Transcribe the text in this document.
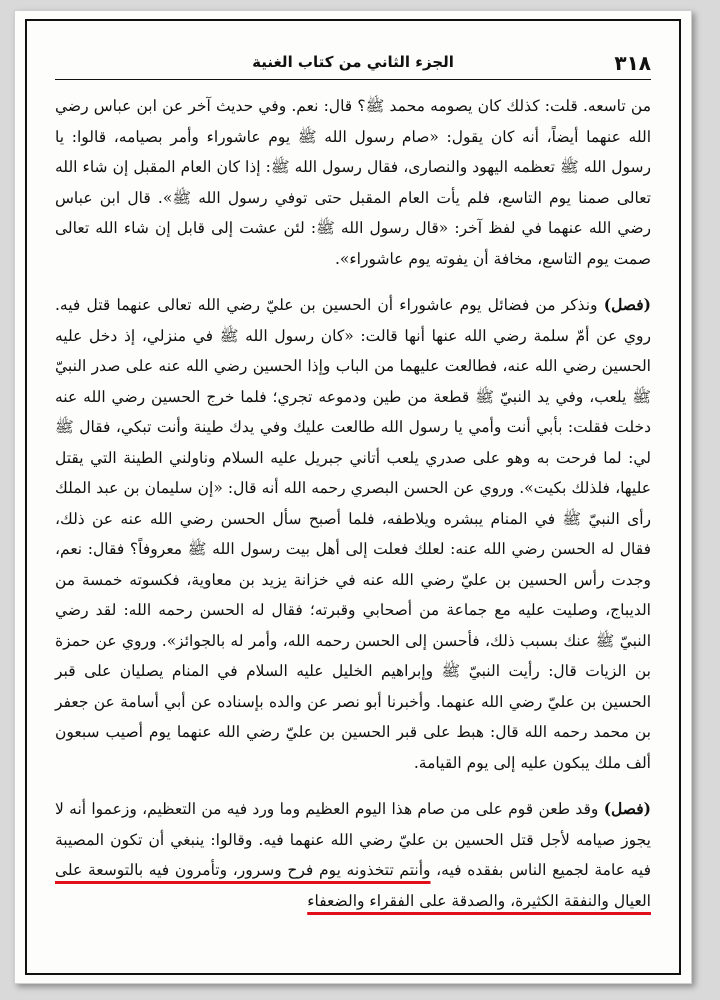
٣١٨
الجزء الثاني من كتاب الغنية

من تاسعه. قلت: كذلك كان يصومه محمد ﷺ؟ قال: نعم. وفي حديث آخر عن ابن عباس رضي الله عنهما أيضاً، أنه كان يقول: «صام رسول الله ﷺ يوم عاشوراء وأمر بصيامه، قالوا: يا رسول الله ﷺ تعظمه اليهود والنصارى، فقال رسول الله ﷺ: إذا كان العام المقبل إن شاء الله تعالى صمنا يوم التاسع، فلم يأت العام المقبل حتى توفي رسول الله ﷺ». قال ابن عباس رضي الله عنهما في لفظ آخر: «قال رسول الله ﷺ: لئن عشت إلى قابل إن شاء الله تعالى صمت يوم التاسع، مخافة أن يفوته يوم عاشوراء».

(فصل) ونذكر من فضائل يوم عاشوراء أن الحسين بن عليّ رضي الله تعالى عنهما قتل فيه. روي عن أمّ سلمة رضي الله عنها أنها قالت: «كان رسول الله ﷺ في منزلي، إذ دخل عليه الحسين رضي الله عنه، فطالعت عليهما من الباب وإذا الحسين رضي الله عنه على صدر النبيّ ﷺ يلعب، وفي يد النبيّ ﷺ قطعة من طين ودموعه تجري؛ فلما خرج الحسين رضي الله عنه دخلت فقلت: بأبي أنت وأمي يا رسول الله طالعت عليك وفي يدك طينة وأنت تبكي، فقال ﷺ لي: لما فرحت به وهو على صدري يلعب أتاني جبريل عليه السلام وناولني الطينة التي يقتل عليها، فلذلك بكيت». وروي عن الحسن البصري رحمه الله أنه قال: «إن سليمان بن عبد الملك رأى النبيّ ﷺ في المنام يبشره ويلاطفه، فلما أصبح سأل الحسن رضي الله عنه عن ذلك، فقال له الحسن رضي الله عنه: لعلك فعلت إلى أهل بيت رسول الله ﷺ معروفاً؟ فقال: نعم، وجدت رأس الحسين بن عليّ رضي الله عنه في خزانة يزيد بن معاوية، فكسوته خمسة من الديباج، وصليت عليه مع جماعة من أصحابي وقبرته؛ فقال له الحسن رحمه الله: لقد رضي النبيّ ﷺ عنك بسبب ذلك، فأحسن إلى الحسن رحمه الله، وأمر له بالجوائز». وروي عن حمزة بن الزيات قال: رأيت النبيّ ﷺ وإبراهيم الخليل عليه السلام في المنام يصليان على قبر الحسين بن عليّ رضي الله عنهما. وأخبرنا أبو نصر عن والده بإسناده عن أبي أسامة عن جعفر بن محمد رحمه الله قال: هبط على قبر الحسين بن عليّ رضي الله عنهما يوم أصيب سبعون ألف ملك يبكون عليه إلى يوم القيامة.

(فصل) وقد طعن قوم على من صام هذا اليوم العظيم وما ورد فيه من التعظيم، وزعموا أنه لا يجوز صيامه لأجل قتل الحسين بن عليّ رضي الله عنهما فيه. وقالوا: ينبغي أن تكون المصيبة فيه عامة لجميع الناس بفقده فيه، وأنتم تتخذونه يوم فرح وسرور، وتأمرون فيه بالتوسعة على العيال والنفقة الكثيرة، والصدقة على الفقراء والضعفاء
